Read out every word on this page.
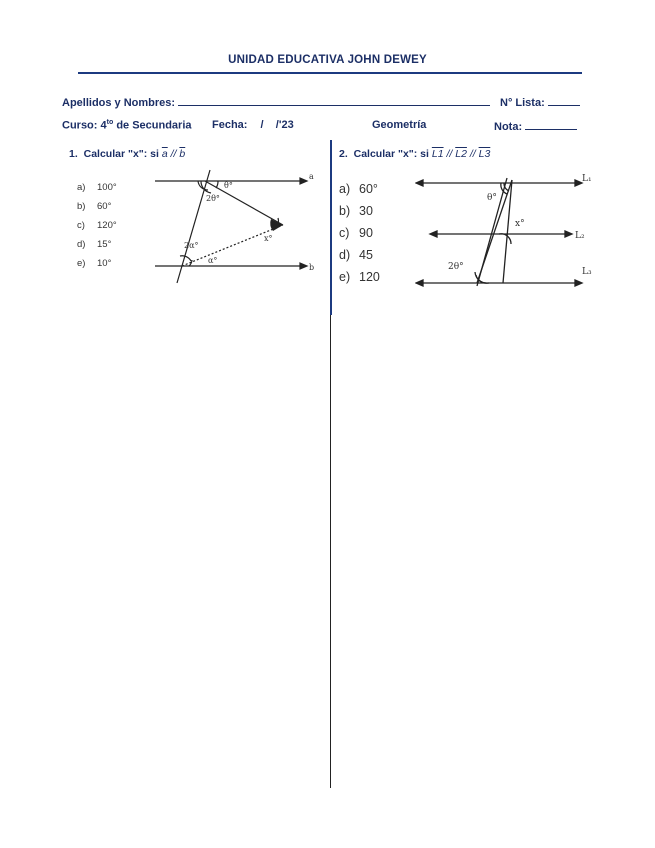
UNIDAD EDUCATIVA JOHN DEWEY
Apellidos y Nombres:	N° Lista:
Curso: $4^{to}$ de Secundaria Fecha: /    /'23	Geometría	Nota:
1. Calcular "x": si $\overline{a} // \overline{b}$
a) 100°
b) 60°
c) 120°
d) 15°
e) 10°
a
b
θ°
2θ°
2α°
α°
x°
2. Calcular "x": si L1 // L2 // L3
a) 60°
b) 30
c) 90
d) 45
e) 120
θ°
x°
2θ°
L₁
L₂
L₃
